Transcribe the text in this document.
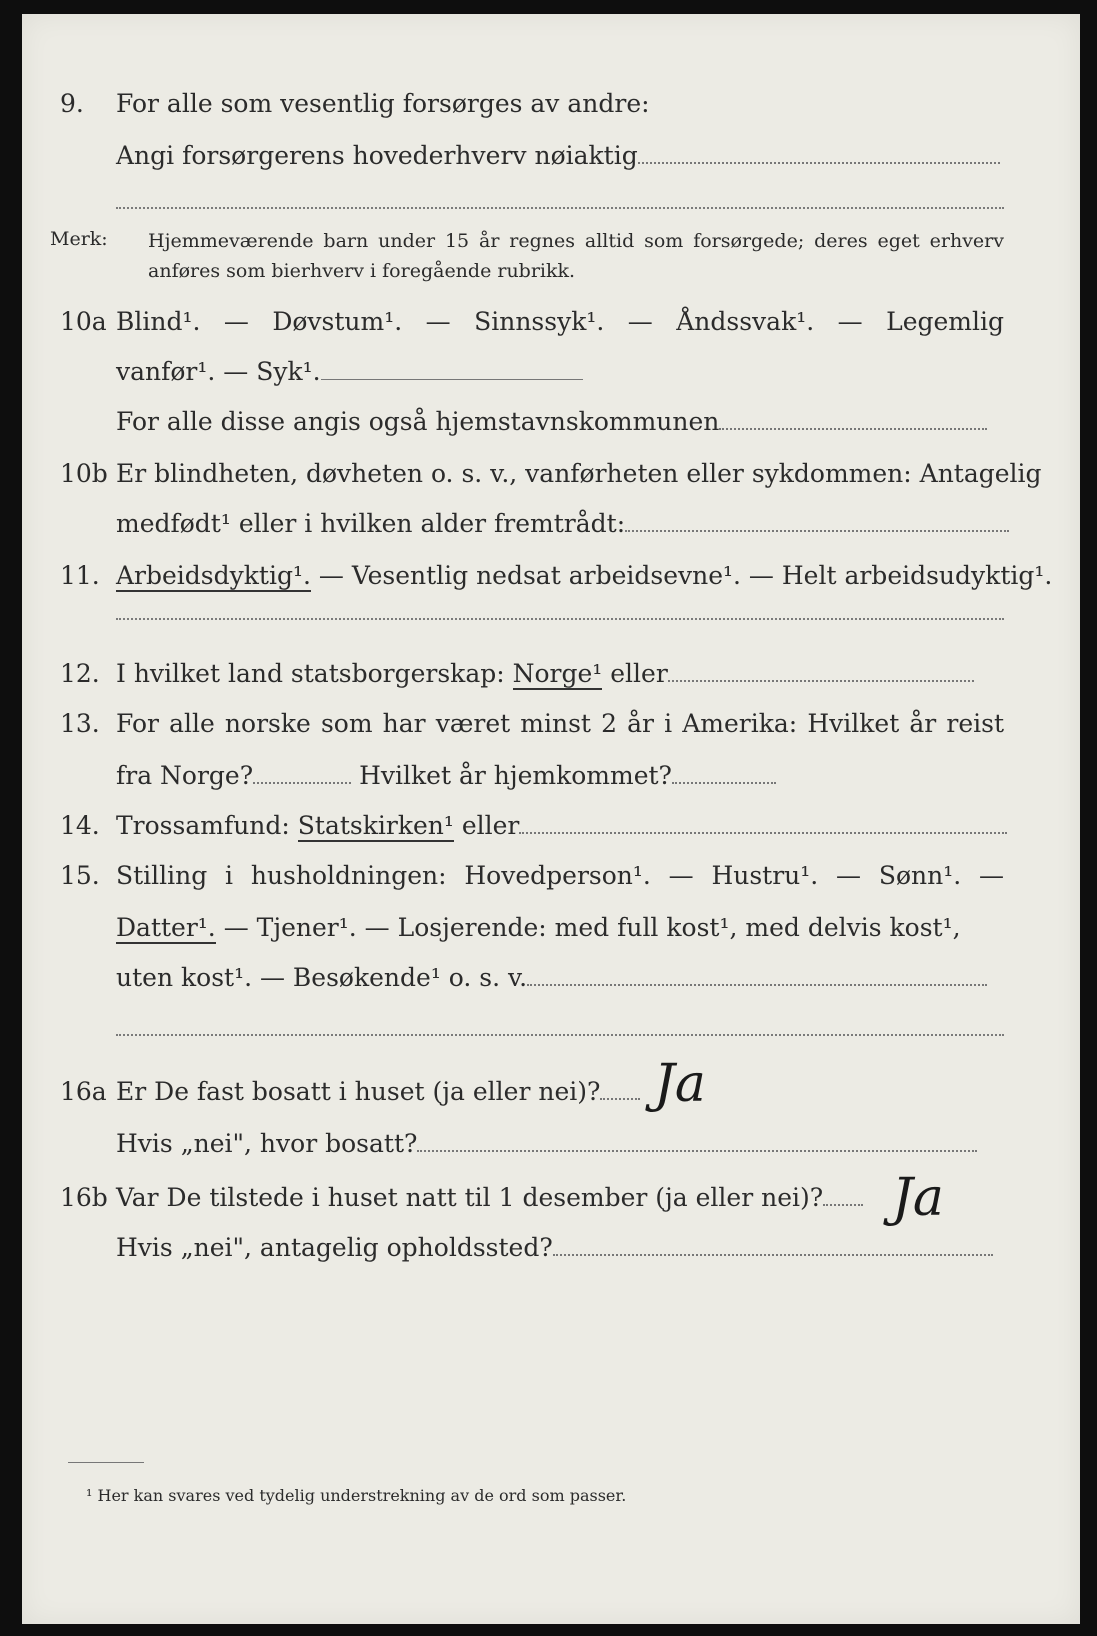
9. For alle som vesentlig forsørges av andre:
Angi forsørgerens hovederhverv nøiaktig
Merk: Hjemmeværende barn under 15 år regnes alltid som forsørgede; deres eget erhverv
anføres som bierhverv i foregående rubrikk.
10a Blind¹. — Døvstum¹. — Sinnssyk¹. — Åndssvak¹. — Legemlig
vanfør¹. — Syk¹.
For alle disse angis også hjemstavnskommunen
10b Er blindheten, døvheten o. s. v., vanførheten eller sykdommen: Antagelig
medfødt¹ eller i hvilken alder fremtrådt:
11. Arbeidsdyktig¹. — Vesentlig nedsat arbeidsevne¹. — Helt arbeidsudyktig¹.
12. I hvilket land statsborgerskap: Norge¹ eller
13. For alle norske som har været minst 2 år i Amerika: Hvilket år reist
fra Norge?	Hvilket år hjemkommet?
14. Trossamfund: Statskirken¹ eller
15. Stilling i husholdningen: Hovedperson¹. — Hustru¹. — Sønn¹. —
Datter¹. — Tjener¹. — Losjerende: med full kost¹, med delvis kost¹,
uten kost¹. — Besøkende¹ o. s. v.
16a Er De fast bosatt i huset (ja eller nei)?	Ja
Hvis „nei", hvor bosatt?
16b Var De tilstede i huset natt til 1 desember (ja eller nei)?	Ja
Hvis „nei", antagelig opholdssted?
¹ Her kan svares ved tydelig understrekning av de ord som passer.
